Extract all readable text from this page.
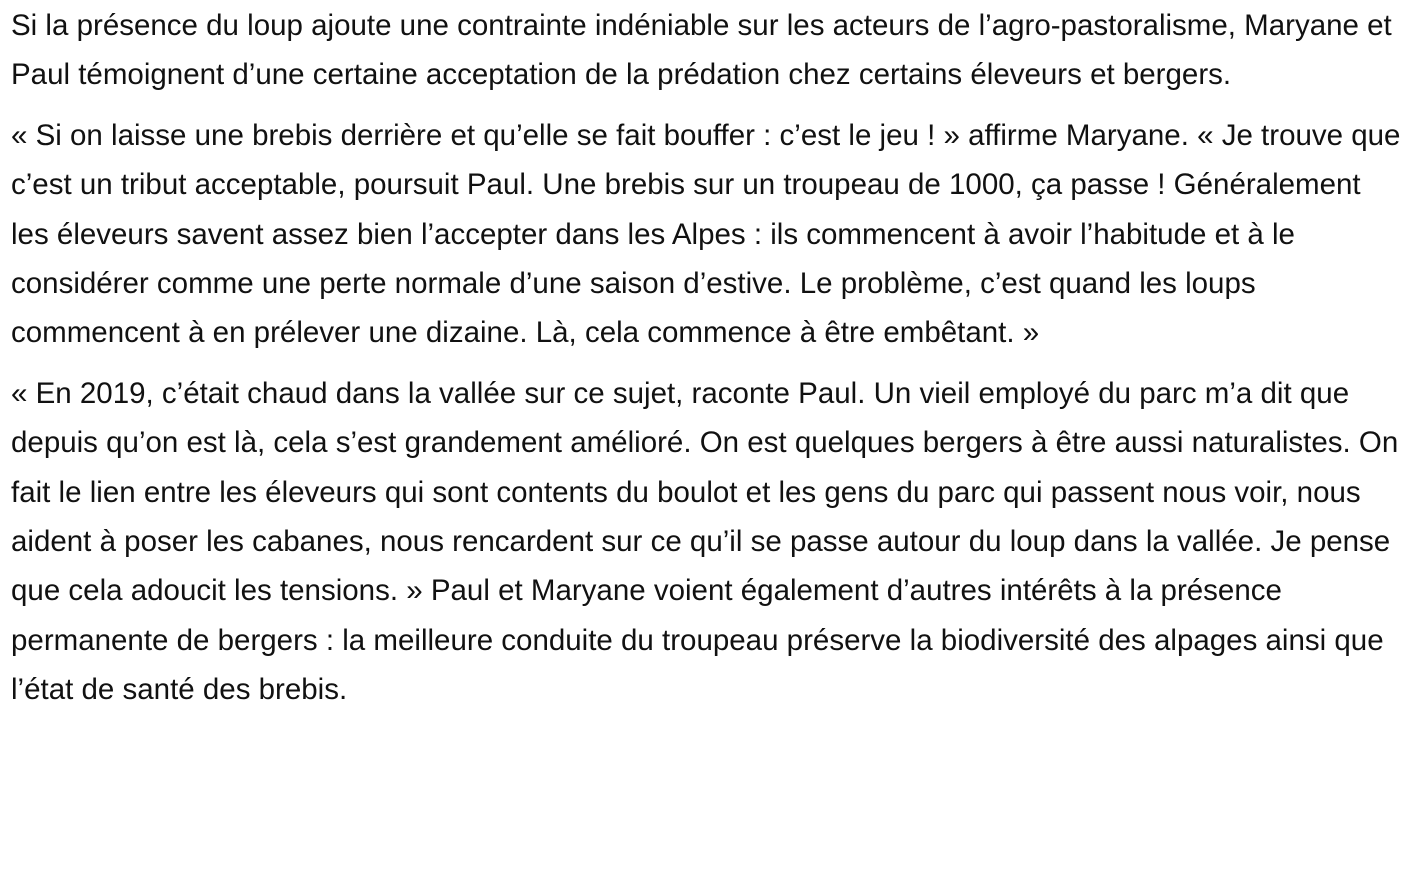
Si la présence du loup ajoute une contrainte indéniable sur les acteurs de l’agro-pastoralisme, Maryane et Paul témoignent d’une certaine acceptation de la prédation chez certains éleveurs et bergers.

« Si on laisse une brebis derrière et qu’elle se fait bouffer : c’est le jeu ! » affirme Maryane. « Je trouve que c’est un tribut acceptable, poursuit Paul. Une brebis sur un troupeau de 1000, ça passe ! Généralement les éleveurs savent assez bien l’accepter dans les Alpes : ils commencent à avoir l’habitude et à le considérer comme une perte normale d’une saison d’estive. Le problème, c’est quand les loups commencent à en prélever une dizaine. Là, cela commence à être embêtant. »

« En 2019, c’était chaud dans la vallée sur ce sujet, raconte Paul. Un vieil employé du parc m’a dit que depuis qu’on est là, cela s’est grandement amélioré. On est quelques bergers à être aussi naturalistes. On fait le lien entre les éleveurs qui sont contents du boulot et les gens du parc qui passent nous voir, nous aident à poser les cabanes, nous rencardent sur ce qu’il se passe autour du loup dans la vallée. Je pense que cela adoucit les tensions. » Paul et Maryane voient également d’autres intérêts à la présence permanente de bergers : la meilleure conduite du troupeau préserve la biodiversité des alpages ainsi que l’état de santé des brebis.
